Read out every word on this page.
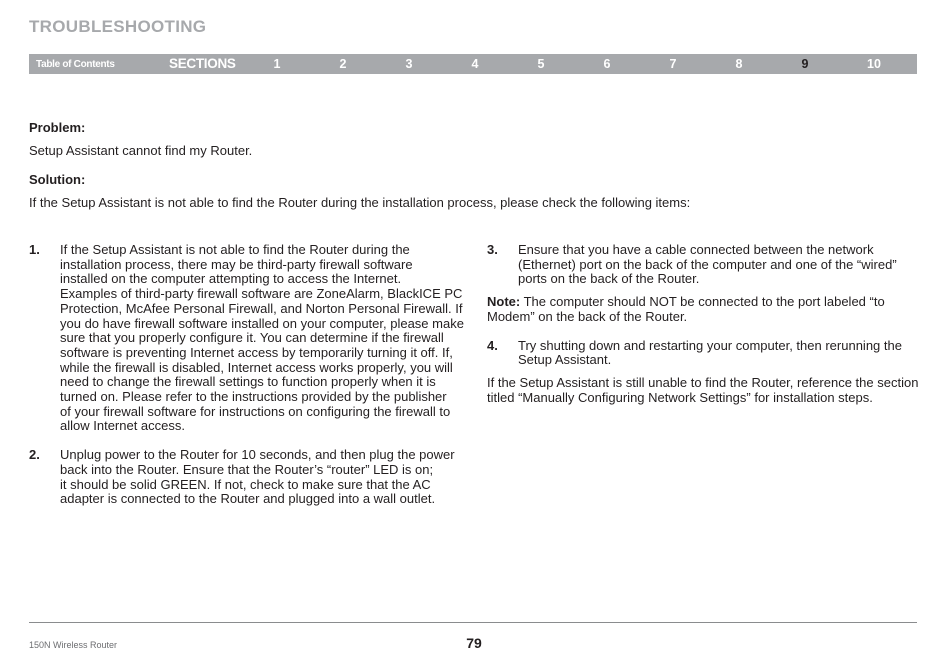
TROUBLESHOOTING
Table of Contents	SECTIONS	1	2	3	4	5	6	7	8	9	10
Problem:
Setup Assistant cannot find my Router.
Solution:
If the Setup Assistant is not able to find the Router during the installation process, please check the following items:
1. If the Setup Assistant is not able to find the Router during the
installation process, there may be third-party firewall software
installed on the computer attempting to access the Internet.
Examples of third-party firewall software are ZoneAlarm, BlackICE PC
Protection, McAfee Personal Firewall, and Norton Personal Firewall. If
you do have firewall software installed on your computer, please make
sure that you properly configure it. You can determine if the firewall
software is preventing Internet access by temporarily turning it off. If,
while the firewall is disabled, Internet access works properly, you will
need to change the firewall settings to function properly when it is
turned on. Please refer to the instructions provided by the publisher
of your firewall software for instructions on configuring the firewall to
allow Internet access.
2. Unplug power to the Router for 10 seconds, and then plug the power
back into the Router. Ensure that the Router’s “router” LED is on;
it should be solid GREEN. If not, check to make sure that the AC
adapter is connected to the Router and plugged into a wall outlet.
3. Ensure that you have a cable connected between the network
(Ethernet) port on the back of the computer and one of the “wired”
ports on the back of the Router.
Note: The computer should NOT be connected to the port labeled “to
Modem” on the back of the Router.
4. Try shutting down and restarting your computer, then rerunning the
Setup Assistant.
If the Setup Assistant is still unable to find the Router, reference the section
titled “Manually Configuring Network Settings” for installation steps.
150N Wireless Router	79
